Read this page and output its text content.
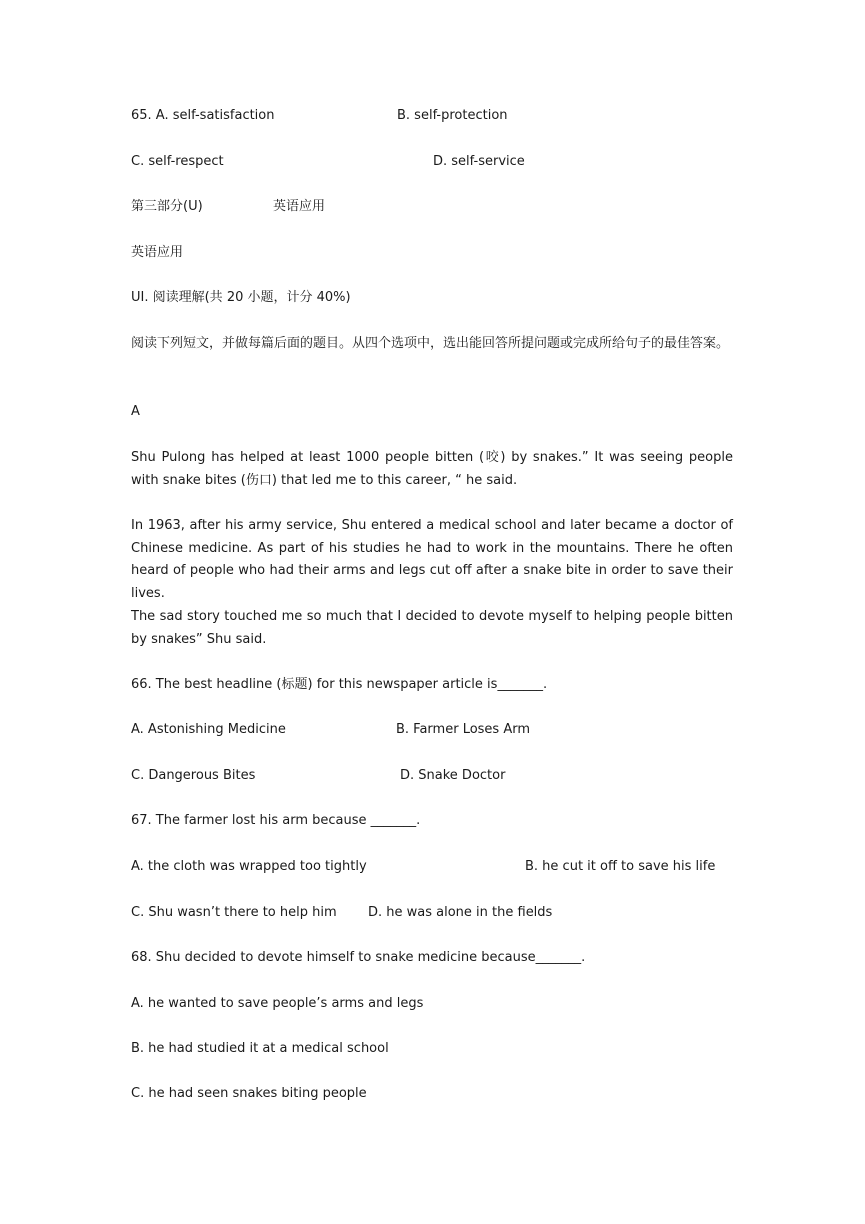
65. A. self-satisfaction	B. self-protection
C. self-respect	D. self-service
第三部分(U)	英语应用
英语应用
UI. 阅读理解(共 20 小题，计分 40%)
阅读下列短文，并做每篇后面的题目。从四个选项中，选出能回答所提问题或完成所给句子的最佳答案。
A
Shu Pulong has helped at least 1000 people bitten (咬) by snakes.” It was seeing people with snake bites (伤口) that led me to this career, “ he said.
In 1963, after his army service, Shu entered a medical school and later became a doctor of Chinese medicine. As part of his studies he had to work in the mountains. There he often heard of people who had their arms and legs cut off after a snake bite in order to save their lives.
The sad story touched me so much that I decided to devote myself to helping people bitten by snakes” Shu said.
66. The best headline (标题) for this newspaper article is_______.
A. Astonishing Medicine	B. Farmer Loses Arm
C. Dangerous Bites	D. Snake Doctor
67. The farmer lost his arm because _______.
A. the cloth was wrapped too tightly	B. he cut it off to save his life
C. Shu wasn’t there to help him D. he was alone in the fields
68. Shu decided to devote himself to snake medicine because_______.
A. he wanted to save people’s arms and legs
B. he had studied it at a medical school
C. he had seen snakes biting people
